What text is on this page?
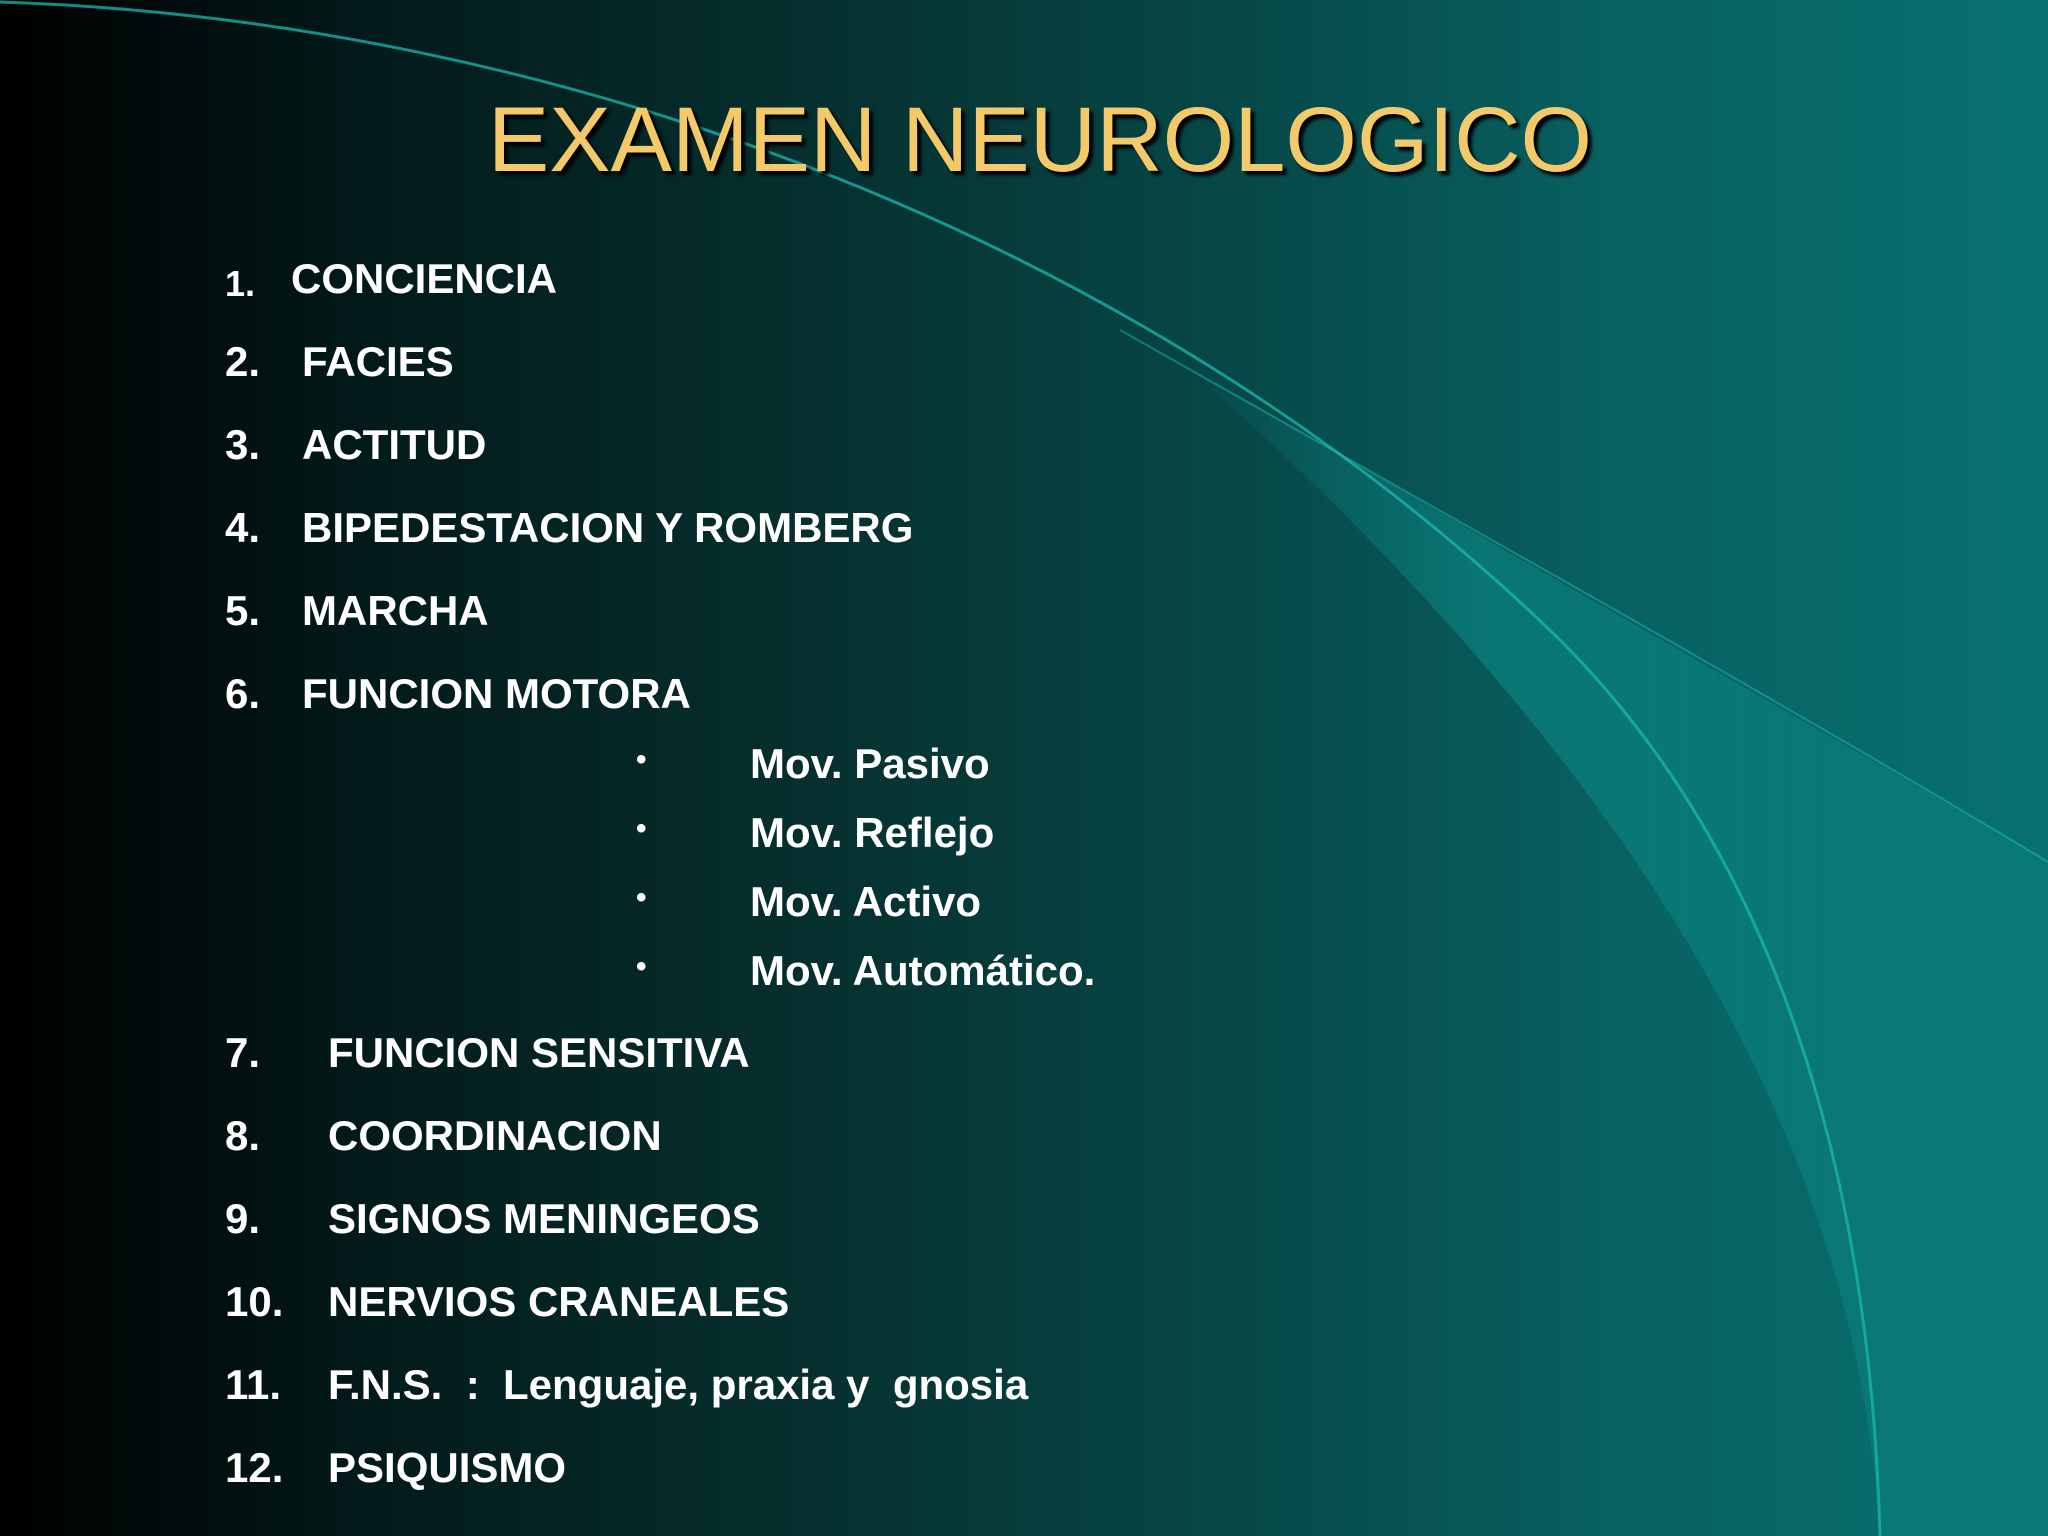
EXAMEN NEUROLOGICO
1. CONCIENCIA
2. FACIES
3. ACTITUD
4. BIPEDESTACION Y ROMBERG
5. MARCHA
6. FUNCION MOTORA
• Mov. Pasivo
• Mov. Reflejo
• Mov. Activo
• Mov. Automático.
7. FUNCION SENSITIVA
8. COORDINACION
9. SIGNOS MENINGEOS
10. NERVIOS CRANEALES
11. F.N.S.  :  Lenguaje, praxia y  gnosia
12. PSIQUISMO
